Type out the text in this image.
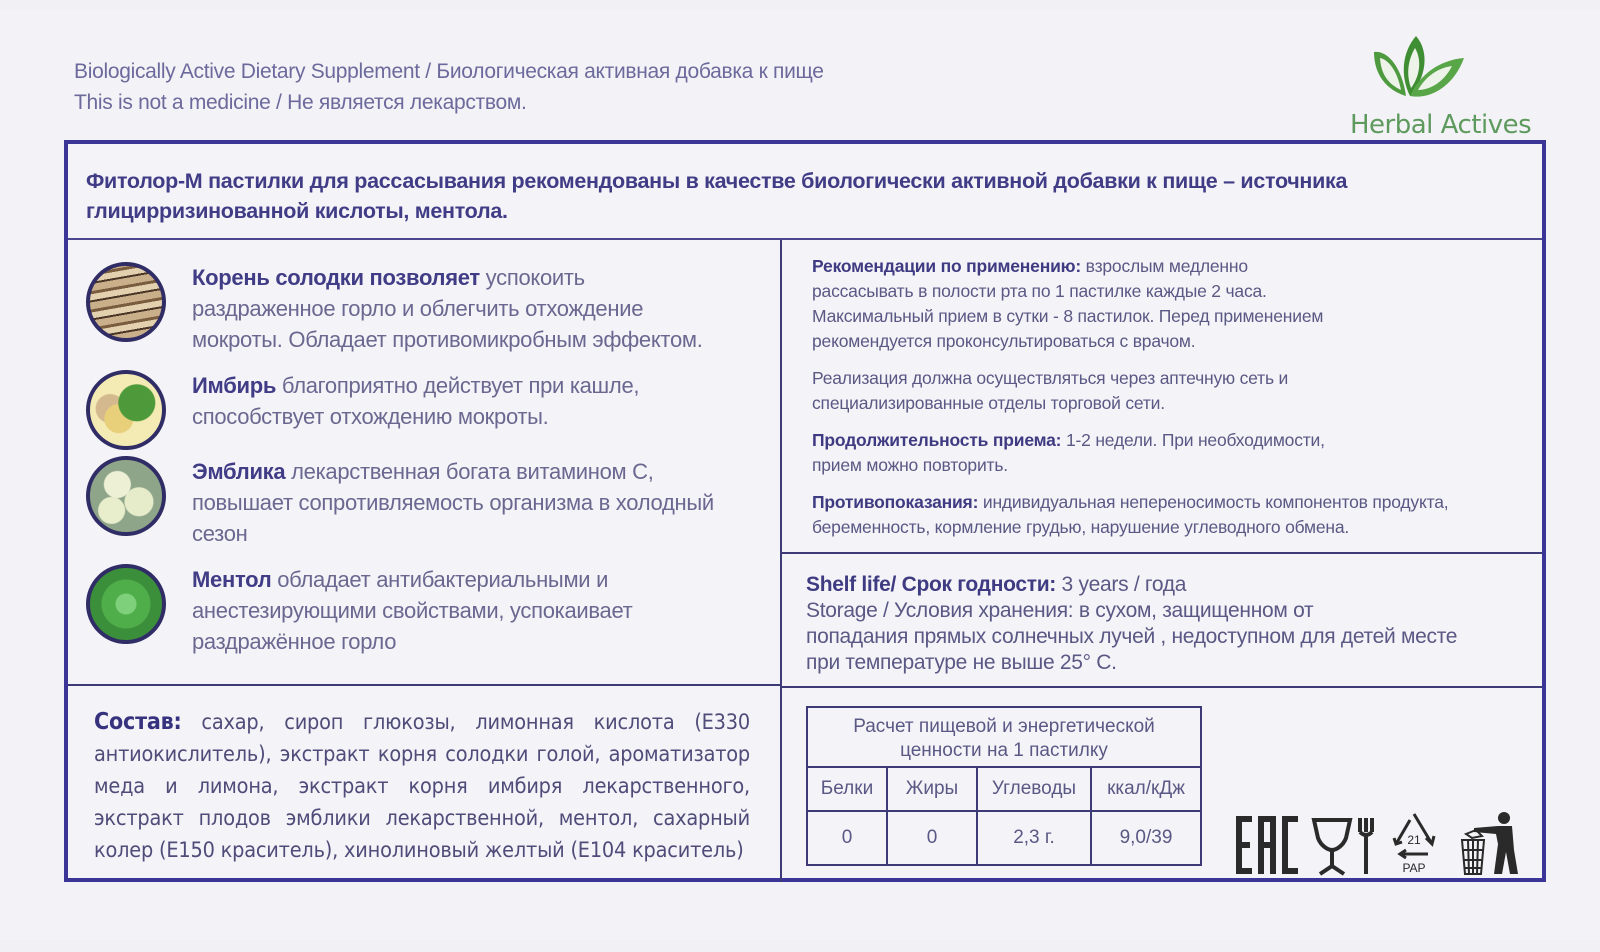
Biologically Active Dietary Supplement / Биологическая активная добавка к пище
This is not a medicine / Не является лекарством.
Herbal Actives
Фитолор-М пастилки для рассасывания рекомендованы в качестве биологически активной добавки к пище – источника
глицирризинованной кислоты, ментола.
Корень солодки позволяет успокоить
раздраженное горло и облегчить отхождение
мокроты. Обладает противомикробным эффектом.
Имбирь благоприятно действует при кашле,
способствует отхождению мокроты.
Эмблика лекарственная богата витамином С,
повышает сопротивляемость организма в холодный
сезон
Ментол обладает антибактериальными и
анестезирующими свойствами, успокаивает
раздражённое горло
Рекомендации по применению: взрослым медленно
рассасывать в полости рта по 1 пастилке каждые 2 часа.
Максимальный прием в сутки - 8 пастилок. Перед применением
рекомендуется проконсультироваться с врачом.
Реализация должна осуществляться через аптечную сеть и
специализированные отделы торговой сети.
Продолжительность приема: 1-2 недели. При необходимости,
прием можно повторить.
Противопоказания: индивидуальная непереносимость компонентов продукта,
беременность, кормление грудью, нарушение углеводного обмена.
Shelf life/ Срок годности: 3 years / года
Storage / Условия хранения: в сухом, защищенном от
попадания прямых солнечных лучей , недоступном для детей месте
при температуре не выше 25° С.
Состав: сахар, сироп глюкозы, лимонная кислота (Е330 антиокислитель), экстракт корня солодки голой, ароматизатор меда и лимона, экстракт корня имбиря лекарственного, экстракт плодов эмблики лекарственной, ментол, сахарный колер (Е150 краситель), хинолиновый желтый (Е104 краситель)
Расчет пищевой и энергетической
ценности на 1 пастилку			
Белки	Жиры	Углеводы	ккал/кДж
0	0	2,3 г.	9,0/39	21
PAP
